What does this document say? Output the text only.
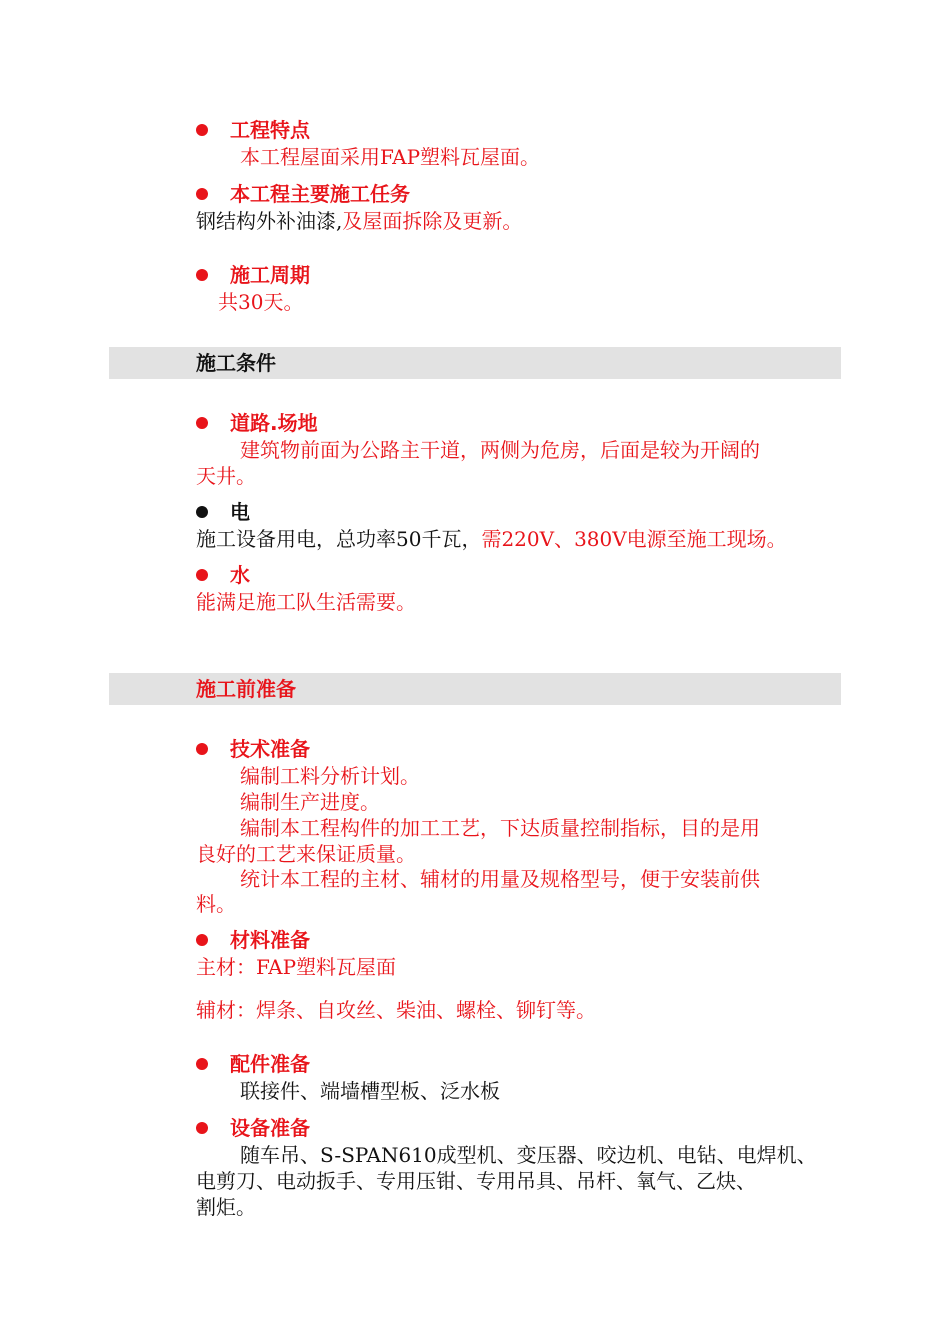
工程特点
本工程屋面采用FAP塑料瓦屋面。
本工程主要施工任务
钢结构外补油漆,及屋面拆除及更新。
施工周期
共30天。
施工条件
道路.场地
建筑物前面为公路主干道，两侧为危房，后面是较为开阔的
天井。
电
施工设备用电，总功率50千瓦，需220V、380V电源至施工现场。
水
能满足施工队生活需要。
施工前准备
技术准备
编制工料分析计划。
编制生产进度。
编制本工程构件的加工工艺，下达质量控制指标，目的是用
良好的工艺来保证质量。
统计本工程的主材、辅材的用量及规格型号，便于安装前供
料。
材料准备
主材：FAP塑料瓦屋面
辅材：焊条、自攻丝、柴油、螺栓、铆钉等。
配件准备
联接件、端墙槽型板、泛水板
设备准备
随车吊、S-SPAN610成型机、变压器、咬边机、电钻、电焊机、
电剪刀、电动扳手、专用压钳、专用吊具、吊杆、氧气、乙炔、
割炬。
